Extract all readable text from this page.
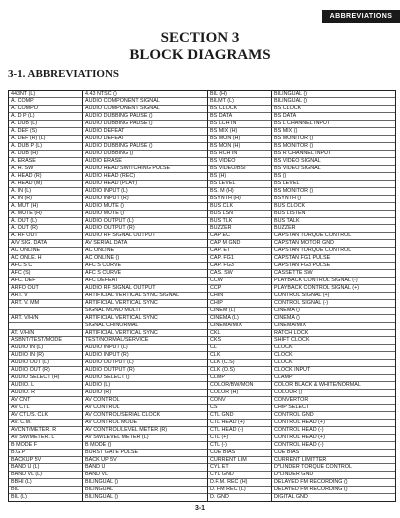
ABBREVIATIONS
SECTION 3
BLOCK DIAGRAMS
3-1. ABBREVIATIONS
443NT (L)
A. COMP
A. COMPO
A. D P (L)
A. DUB (L)
A. DEF (S)
A. DEF (R) (L)
A. DUB P (L)
A. DUB (H)
A. ERASE
A. H. SW
A. HEAD (R)
A. HEAD (M)
A. IN (L)
A. IN (R)
A. MUT (H)
A. MUTE (H)
A. OUT (L)
A. OUT (R)
A. RF OUT
A/V SIG. DATA
AC ONLINE
AC ONLE. H
AFC S C
AFC (S)
AFC. DEF
ARFO OUT
ART. V
ART. V. MM
ART. V/H/N
AT. V/H/N
ASBNT/TEST/MODE
AUDIO IN (L)
AUDIO IN (R)
AUDIO OUT (L)
AUDIO OUT (R)
AUDIO SELECT (H)
AUDIO. L
AUDIO. R
AV CNT
AV CTL
AV CTL/S. CLK
AV. C.M.
AVCNT/METER. R
AV SW/METER. L
B MODE F
B.G.P
BACKUP 5V
BAND U (L)
BAND VL (L)
BBHI (L)
BIL
BIL (L)
4.43 NTSC ()
AUDIO COMPONENT SIGNAL
AUDIO COMPONENT SIGNAL
AUDIO DUBBING PAUSE ()
AUDIO DUBBING PAUSE ()
AUDIO DEFEAT
AUDIO DEFEAT
AUDIO DUBBING PAUSE ()
AUDIO DUBBING ()
AUDIO ERASE
AUDIO HEAD SWITCHING PULSE
AUDIO HEAD (REC)
AUDIO HEAD (PLAY)
AUDIO INPUT (L)
AUDIO INPUT (R)
AUDIO MUTE ()
AUDIO MUTE ()
AUDIO OUTPUT (L)
AUDIO OUTPUT (R)
AUDIO RF SIGNAL OUTPUT
AV SERIAL DATA
AC ONLINE
AC ONLINE ()
AFC S CURVE
AFC S CURVE
AFC DEFEAT
AUDIO RF SIGNAL OUTPUT
ARTIFICIAL VERTICAL SYNC SIGNAL
ARTIFICIAL VERTICAL SYNC
SIGNAL MONO MULTI
ARTIFICIAL VERTICAL SYNC
SIGNAL CH/NORMAL
ARTIFICIAL VERTICAL SYNC
TEST/NORMAL/SERVICE
AUDIO INPUT (L)
AUDIO INPUT (R)
AUDIO OUTPUT (L)
AUDIO OUTPUT (R)
AUDIO SELECT ()
AUDIO (L)
AUDIO (R)
AV CONTROL
AV CONTROL
AV CONTROL/SERIAL CLOCK
AV CONTROL MODE
AV CONTROL/LEVEL METER (R)
AV SW/LEVEL METER (L)
B MODE ()
BURST GATE PULSE
BACK UP 5V
BAND U
BAND VL
BILINGUAL ()
BILINGUAL
BILINGUAL ()
BIL (H)
BILMT (L)
BS CLOCK
BS DATA
BS LCH IN
BS MIX (H)
BS MON (H)
BS MON (H)
BS RCH IN
BS VIDEO
BS VIDEO/BSI
BS (H)
BS LEVEL
BS. M (H)
BSYNTH (H)
BUS CLK
BUS LSN
BUS TLK
BUZZER
CAP EC
CAP M GND
CAP. ET
CAP. FG1
CAP. FG3
CAS. SW
CCW
CCP
CHIN
CHIP
CINEM (L)
CINEMA (L)
CINEMA/MIX
CKL
CKS
CL
CLK
CLK (C.S)
CLK (O.S)
CLMP
COLOR/BW/MON
COLOR (H)
CONV
CS
CTL GND
CTL HEAD (+)
CTL HEAD (-)
CTL (+)
CTL (-)
CUE BIAS
CURRENT LIM
CYL ET
CYL GND
D.F.M. REC (H)
D. FM REC (L)
D. GND
BILINGUAL ()
BILINGUAL ()
BS CLOCK
BS DATA
BS L CHANNEL INPUT
BS MIX ()
BS MONITOR ()
BS MONITOR ()
BS R CHANNEL INPUT
BS VIDEO SIGNAL
BS VIDEO SIGNAL
BS ()
BS LEVEL
BS MONITOR ()
BSYNTH ()
BUS CLOCK
BUS LISTEN
BUS TALK
BUZZER
CAPSTAN TORQUE CONTROL
CAPSTAN MOTOR GND
CAPSTAN TORQUE CONTROL
CAPSTAN FG1 PULSE
CAPSTAN FG3 PULSE
CASSETTE SW
PLAYBACK CONTROL SIGNAL (-)
PLAYBACK CONTROL SIGNAL (+)
CONTROL SIGNAL (+)
CONTROL SIGNAL (-)
CINEMA ()
CINEMA ()
CINEMA/MIX
RATCH LOCK
SHIFT CLOCK
CLOCK
CLOCK
CLOCK
CLOCK INPUT
CLAMP
COLOR BLACK & WHITE/NORMAL
COLOUR ()
CONVERTOR
CHIP SELECT
CONTROL GND
CONTROL HEAD (+)
CONTROL HEAD (-)
CONTROL HEAD (+)
CONTROL HEAD (-)
CUE BIAS
CURRENT LIMITTER
D*LINDER TORQUE CONTROL
D*LINDER GND
DELAYED FM RECORDING ()
DELAYED FM RECORDING ()
DIGITAL GND
3-1
